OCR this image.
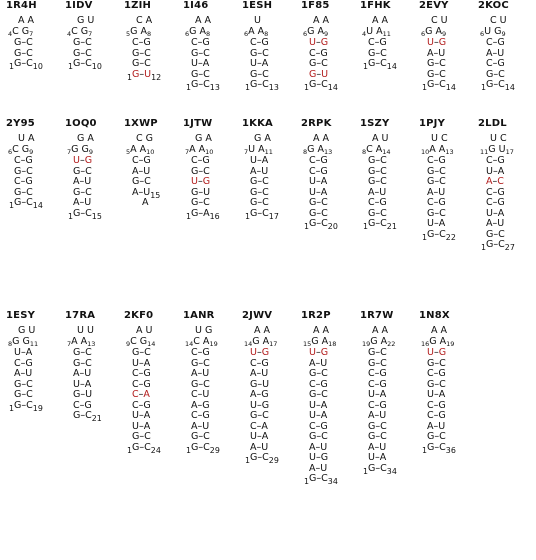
1R4H
A A
$_4$C $G_7$
G–C
G–C
$_1G-C_{10}$
1IDV
G U
$_4$C $G_7$
G–C
G–C
$_1G-C_{10}$
1ZIH
C A
$_5$G $A_8$
C–G
G–C
G–C
$_1G-U_{12}$
1I46
A A
$_6$G $A_8$
C–G
G–C
U–A
G–C
$_1G-C_{13}$
1ESH
U
$_6$A $A_8$
C–G
G–C
U–A
G–C
$_1G-C_{13}$
1F85
A A
$_6$G $A_9$
U–G
C–G
G–C
G–U
$_1G-C_{14}$
1FHK
A A
$_4$U $A_{11}$
C–G
G–C
$_1G-C_{14}$
2EVY
C U
$_6$G $A_9$
U–G
A–U
G–C
G–C
$_1G-C_{14}$
2KOC
C U
$_6$U $G_9$
C–G
A–U
C–G
G–C
$_1G-C_{14}$
2Y95
U A
$_6$C $G_9$
C–G
G–C
C–G
G–C
$_1G-C_{14}$
1OQ0
G A
$_7$G $G_9$
U–G
G–C
A–U
G–C
A–U
$_1G-C_{15}$
1XWP
C G
$_5$A $A_{10}$
C–G
A–U
G–C
$A-U_{15}$
A
1JTW
G A
$_7$A $A_{10}$
C–G
G–C
U–G
G–U
G–C
$_1G-A_{16}$
1KKA
G A
$_7$U $A_{11}$
U–A
A–U
G–C
G–C
G–C
$_1G-C_{17}$
2RPK
A A
$_8$G $A_{13}$
C–G
C–G
U–A
U–A
G–C
G–C
$_1G-C_{20}$
1SZY
A U
$_8$C $A_{14}$
G–C
G–C
G–C
A–U
C–G
G–C
$_1G-C_{21}$
1PJY
U C
$_{10}$A $A_{13}$
C–G
G–C
G–C
A–U
C–G
G–C
U–A
$_1G-C_{22}$
2LDL
U C
$_{11}$G $U_{17}$
C–G
U–A
A–C
C–G
C–G
U–A
A–U
G–C
$_1G-C_{27}$
1ESY
G U
$_8$G $G_{11}$
U–A
C–G
A–U
G–C
G–C
$_1G-C_{19}$
17RA
U U
$_7$A $A_{13}$
G–C
G–C
A–U
U–A
G–U
C–G
$G-C_{21}$
2KF0
A U
$_9$C $G_{14}$
G–C
U–A
C–G
C–G
C–A
C–G
U–A
U–A
G–C
$_1G-C_{24}$
1ANR
U G
$_{14}$C $A_{19}$
C–G
G–C
A–U
G–C
C–U
A–G
C–G
A–U
G–C
$_1G-C_{29}$
2JWV
A A
$_{14}$G $A_{17}$
U–G
C–G
A–U
G–U
A–G
U–G
G–C
C–A
U–A
A–U
$_1G-C_{29}$
1R2P
A A
$_{15}$G $A_{18}$
U–G
A–U
G–C
C–G
G–C
U–A
U–A
C–G
G–C
A–U
U–G
A–U
$_1G-C_{34}$
1R7W
A A
$_{19}$G $A_{22}$
G–C
G–C
C–G
C–G
U–A
C–G
A–U
G–C
G–C
A–U
U–A
$_1G-C_{34}$
1N8X
A A
$_{16}$G $A_{19}$
U–G
G–C
C–G
G–C
U–A
C–G
C–G
A–U
G–C
$_1G-C_{36}$
